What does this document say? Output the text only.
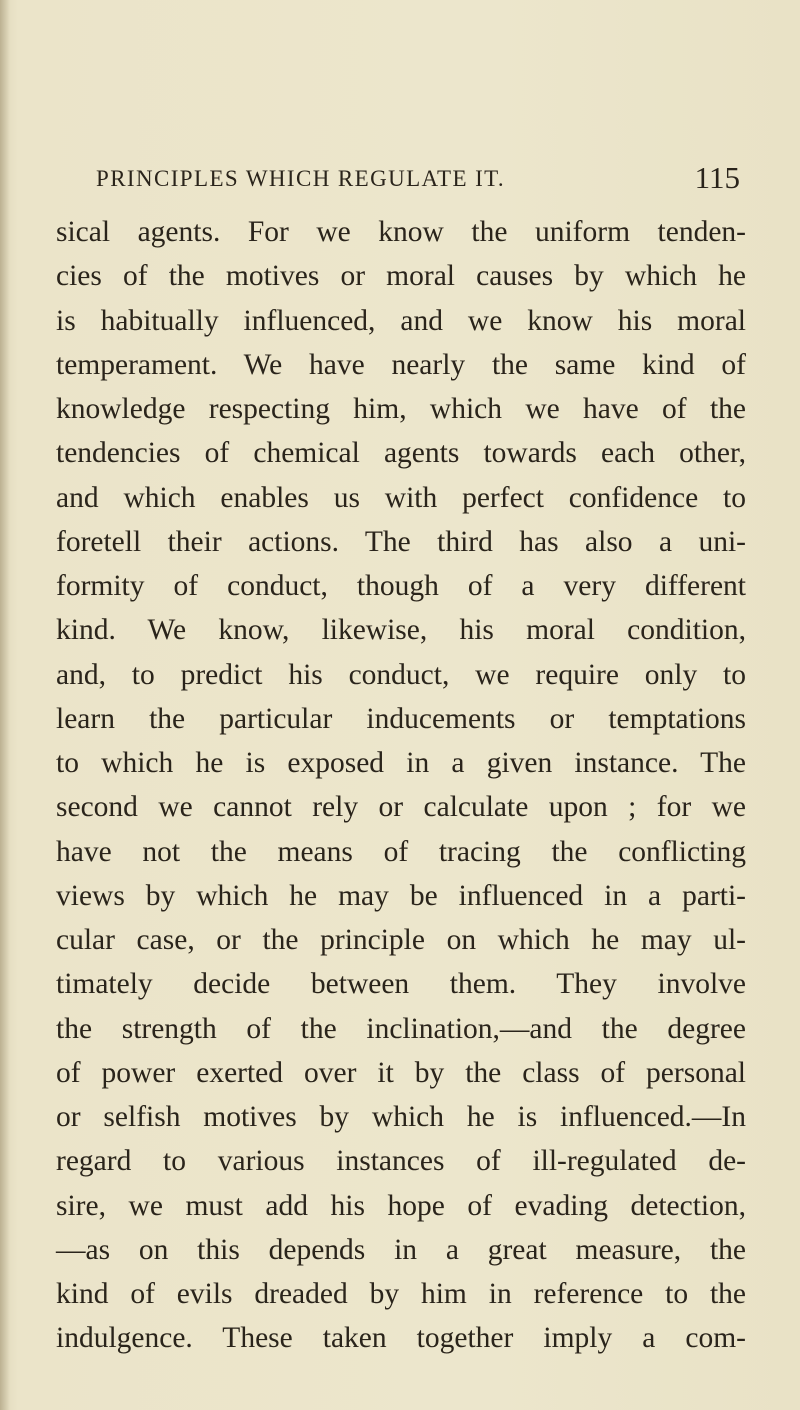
PRINCIPLES WHICH REGULATE IT.	115
sical agents. For we know the uniform tenden-
cies of the motives or moral causes by which he
is habitually influenced, and we know his moral
temperament. We have nearly the same kind of
knowledge respecting him, which we have of the
tendencies of chemical agents towards each other,
and which enables us with perfect confidence to
foretell their actions. The third has also a uni-
formity of conduct, though of a very different
kind. We know, likewise, his moral condition,
and, to predict his conduct, we require only to
learn the particular inducements or temptations
to which he is exposed in a given instance. The
second we cannot rely or calculate upon ; for we
have not the means of tracing the conflicting
views by which he may be influenced in a parti-
cular case, or the principle on which he may ul-
timately decide between them. They involve
the strength of the inclination,—and the degree
of power exerted over it by the class of personal
or selfish motives by which he is influenced.—In
regard to various instances of ill-regulated de-
sire, we must add his hope of evading detection,
—as on this depends in a great measure, the
kind of evils dreaded by him in reference to the
indulgence. These taken together imply a com-
